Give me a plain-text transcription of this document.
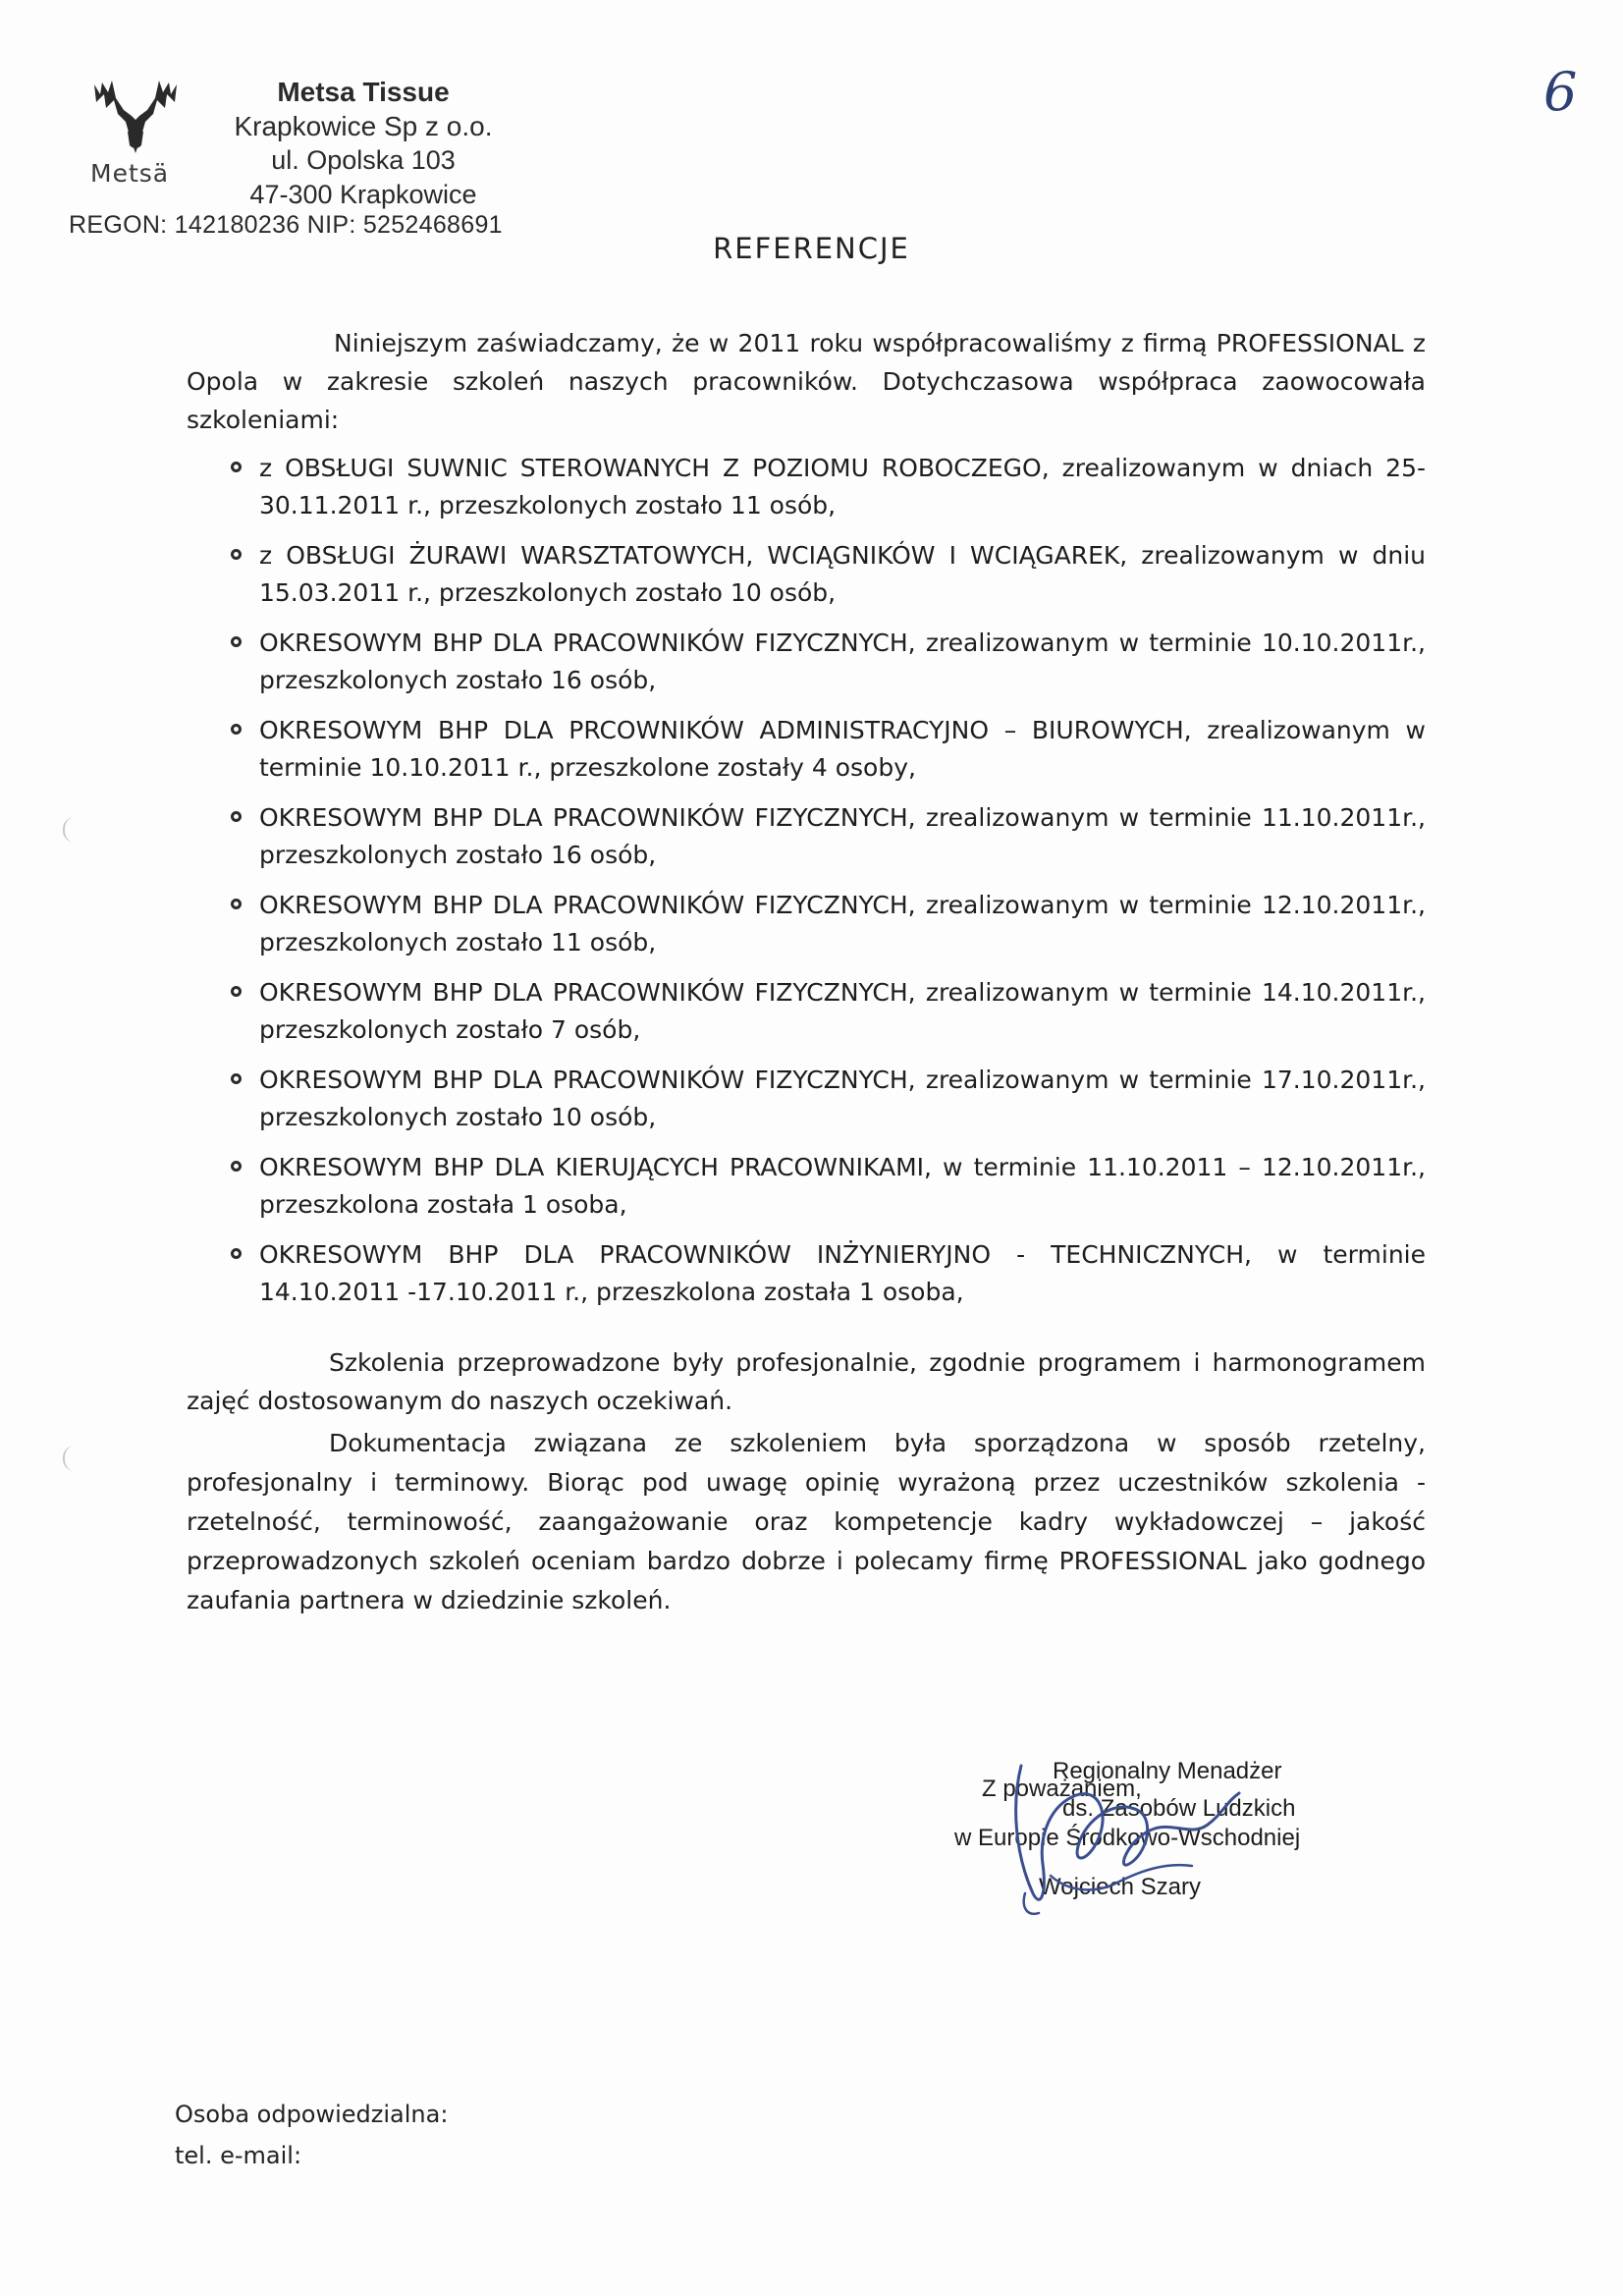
Metsä
Metsa Tissue
Krapkowice Sp z o.o.
ul. Opolska 103
47-300 Krapkowice
REGON: 142180236 NIP: 5252468691
6
REFERENCJE
Niniejszym zaświadczamy, że w 2011 roku współpracowaliśmy z firmą PROFESSIONAL z Opola w zakresie szkoleń naszych pracowników. Dotychczasowa współpraca zaowocowała szkoleniami:
z OBSŁUGI SUWNIC STEROWANYCH Z POZIOMU ROBOCZEGO, zrealizowanym w dniach 25-30.11.2011 r., przeszkolonych zostało 11 osób,
z OBSŁUGI ŻURAWI WARSZTATOWYCH, WCIĄGNIKÓW I WCIĄGAREK, zrealizowanym w dniu 15.03.2011 r., przeszkolonych zostało 10 osób,
OKRESOWYM BHP DLA PRACOWNIKÓW FIZYCZNYCH, zrealizowanym w terminie 10.10.2011r., przeszkolonych zostało 16 osób,
OKRESOWYM BHP DLA PRCOWNIKÓW ADMINISTRACYJNO – BIUROWYCH, zrealizowanym w terminie 10.10.2011 r., przeszkolone zostały 4 osoby,
OKRESOWYM BHP DLA PRACOWNIKÓW FIZYCZNYCH, zrealizowanym w terminie 11.10.2011r., przeszkolonych zostało 16 osób,
OKRESOWYM BHP DLA PRACOWNIKÓW FIZYCZNYCH, zrealizowanym w terminie 12.10.2011r., przeszkolonych zostało 11 osób,
OKRESOWYM BHP DLA PRACOWNIKÓW FIZYCZNYCH, zrealizowanym w terminie 14.10.2011r., przeszkolonych zostało 7 osób,
OKRESOWYM BHP DLA PRACOWNIKÓW FIZYCZNYCH, zrealizowanym w terminie 17.10.2011r., przeszkolonych zostało 10 osób,
OKRESOWYM BHP DLA KIERUJĄCYCH PRACOWNIKAMI, w terminie 11.10.2011 – 12.10.2011r., przeszkolona została 1 osoba,
OKRESOWYM BHP DLA PRACOWNIKÓW INŻYNIERYJNO - TECHNICZNYCH, w terminie 14.10.2011 -17.10.2011 r., przeszkolona została 1 osoba,
Szkolenia przeprowadzone były profesjonalnie, zgodnie programem i harmonogramem zajęć dostosowanym do naszych oczekiwań.
Dokumentacja związana ze szkoleniem była sporządzona w sposób rzetelny, profesjonalny i terminowy. Biorąc pod uwagę opinię wyrażoną przez uczestników szkolenia - rzetelność, terminowość, zaangażowanie oraz kompetencje kadry wykładowczej – jakość przeprowadzonych szkoleń oceniam bardzo dobrze i polecamy firmę PROFESSIONAL jako godnego zaufania partnera w dziedzinie szkoleń.
Regionalny Menadżer
Z poważaniem,
ds. Zasobów Ludzkich
w Europie Środkowo-Wschodniej
Wojciech Szary
Osoba odpowiedzialna:
tel. e-mail:
